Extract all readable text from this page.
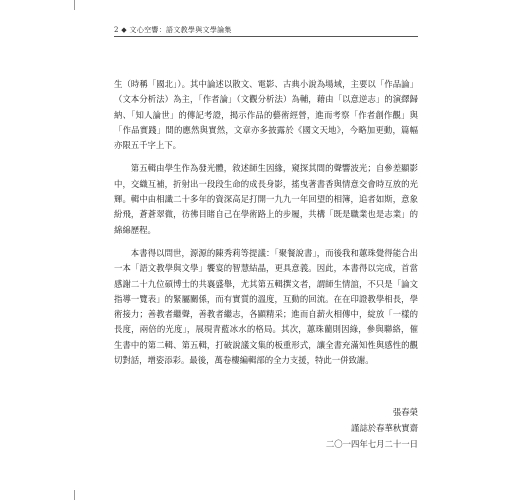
2 ◆ 文心空響：語文教學與文學論集

生（時稱「國北」）。其中論述以散文、電影、古典小說為場域，主要以「作品論」（文本分析法）為主，「作者論」（文觀分析法）為輔，藉由「以意逆志」的演繹歸納、「知人論世」的傳記考證，揭示作品的藝術經營，進而考察「作者創作觀」與「作品實踐」間的應然與實然，文章亦多披露於《國文天地》，今略加更動，篇幅亦限五千字上下。

第五輯由學生作為發光體，敘述師生因緣，窺探其間的聲響波光；自參差顯影中，交織互補，折射出一段段生命的成長身影，搖曳著書香與情意交會時互放的光輝。輯中由相識二十多年的資深高足打開一九九一年回望的相簿，追者如斯，意象紛飛，蒼蒼翠微，彷彿目睹自己在學術路上的步履，共構「既是職業也是志業」的綿綿歷程。

本書得以問世，源源的陳秀莉等提議：「聚餐說書」，而後我和蕙珠覺得能合出一本「語文教學與文學」饗宴的智慧結晶，更具意義。因此，本書得以完成，首當感謝二十九位碩博士的共襄盛舉，尤其第五輯撰文者，謂師生情誼，不只是「論文指導一覽表」的緊屬關係，而有實質的溫度，互動的回流。在在印證教學相長，學術接力；善教者繼聲，善教者繼志，各顯精采；進而自薪火相傳中，綻放「一樣的長度，兩倍的光度」，展現青藍冰水的格局。其次，蕙珠藺則因綠，參與聯絡，催生書中的第二輯、第五輯，打破說議文集的板重形式，讓全書充滿知性與感性的觀切對話，增姿添彩。最後，萬卷樓編輯部的全力支援，特此一併致謝。

張春榮
謹誌於春華秋實齋
二〇一四年七月二十一日
